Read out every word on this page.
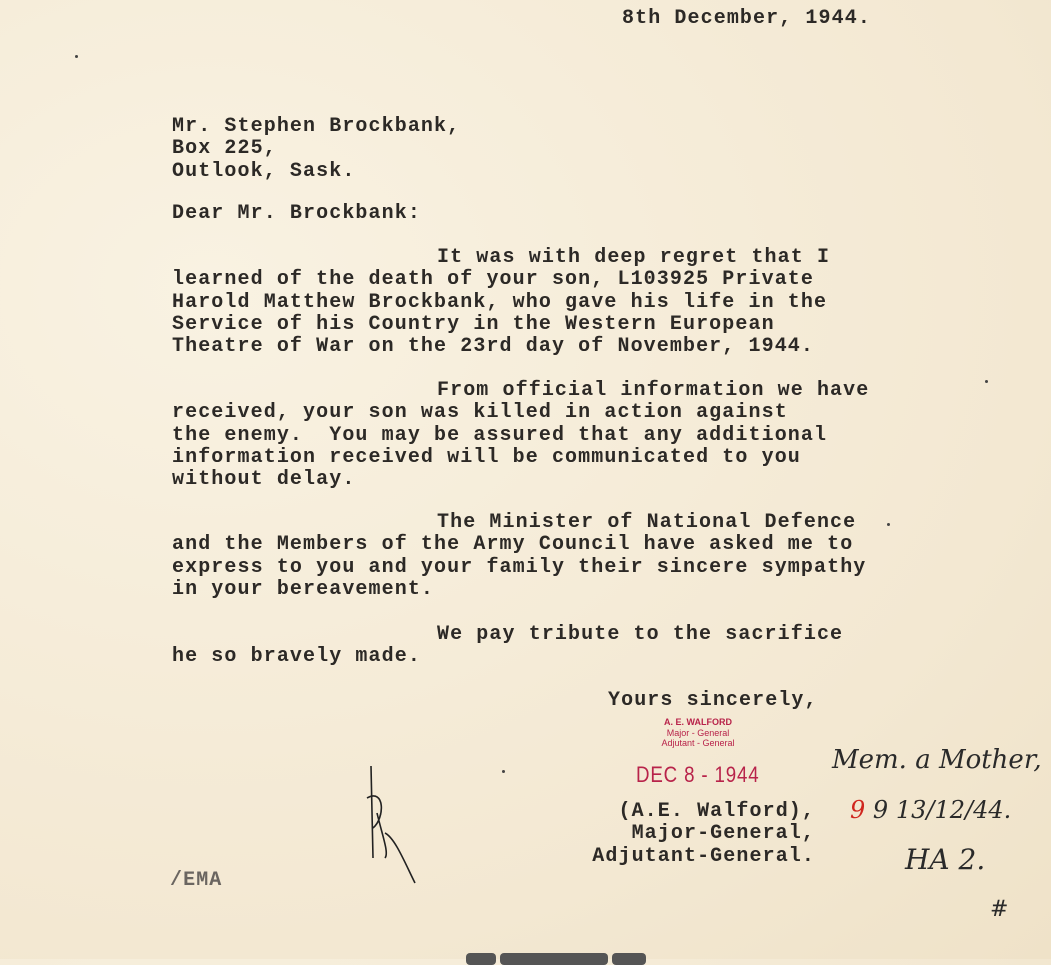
8th December, 1944.
Mr. Stephen Brockbank,
Box 225,
Outlook, Sask.
Dear Mr. Brockbank:
It was with deep regret that I
learned of the death of your son, L103925 Private
Harold Matthew Brockbank, who gave his life in the
Service of his Country in the Western European
Theatre of War on the 23rd day of November, 1944.
From official information we have
received, your son was killed in action against
the enemy.  You may be assured that any additional
information received will be communicated to you
without delay.
The Minister of National Defence
and the Members of the Army Council have asked me to
express to you and your family their sincere sympathy
in your bereavement.
We pay tribute to the sacrifice
he so bravely made.
Yours sincerely,
A. E. WALFORD
Major - General
Adjutant - General
DEC 8 - 1944
(A.E. Walford),
Major-General,
Adjutant-General.
/EMA
Mem. a Mother,
9 9 13/12/44.
HA 2.
#
